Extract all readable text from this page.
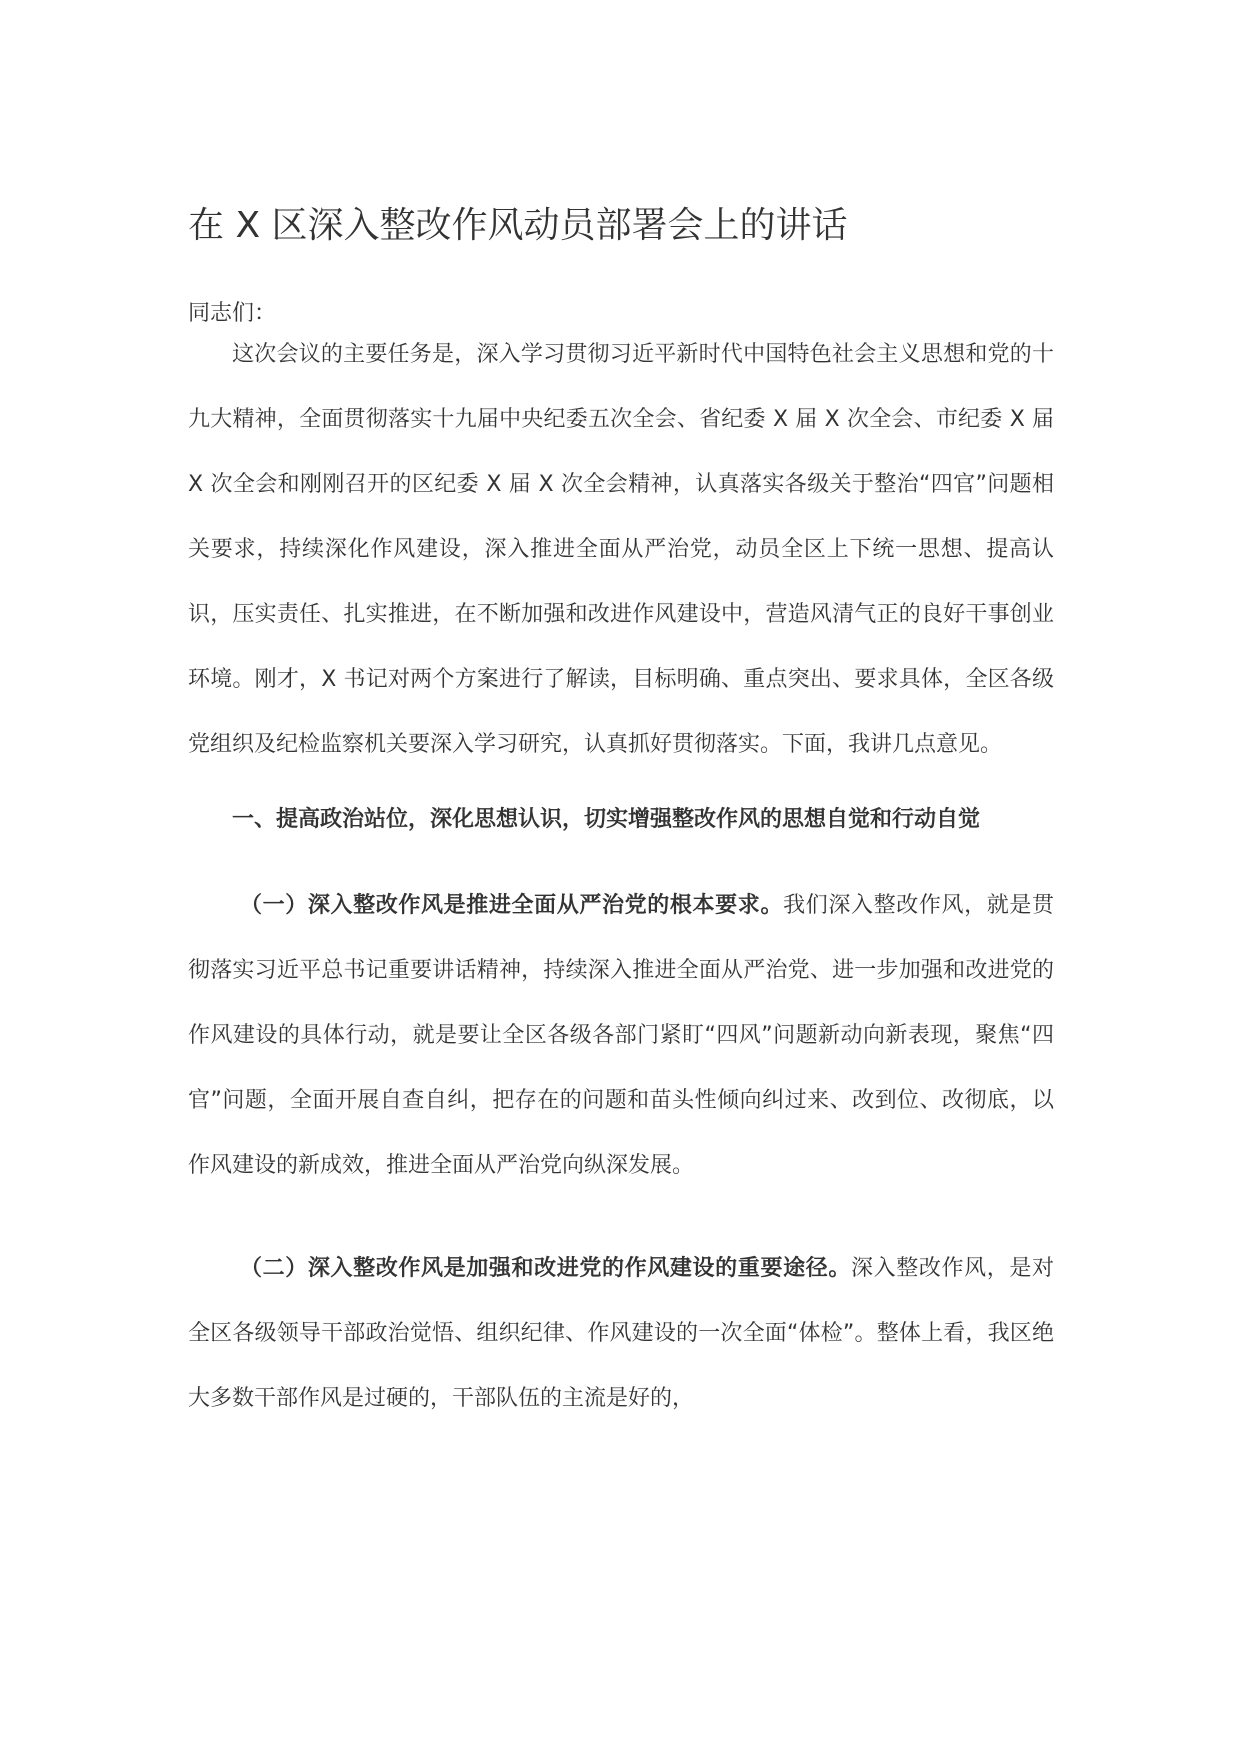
在 X 区深入整改作风动员部署会上的讲话

同志们：

这次会议的主要任务是，深入学习贯彻习近平新时代中国特色社会主义思想和党的十九大精神，全面贯彻落实十九届中央纪委五次全会、省纪委 X 届 X 次全会、市纪委 X 届 X 次全会和刚刚召开的区纪委 X 届 X 次全会精神，认真落实各级关于整治“四官”问题相关要求，持续深化作风建设，深入推进全面从严治党，动员全区上下统一思想、提高认识，压实责任、扎实推进，在不断加强和改进作风建设中，营造风清气正的良好干事创业环境。刚才，X 书记对两个方案进行了解读，目标明确、重点突出、要求具体，全区各级党组织及纪检监察机关要深入学习研究，认真抓好贯彻落实。下面，我讲几点意见。

一、提高政治站位，深化思想认识，切实增强整改作风的思想自觉和行动自觉

（一）深入整改作风是推进全面从严治党的根本要求。我们深入整改作风，就是贯彻落实习近平总书记重要讲话精神，持续深入推进全面从严治党、进一步加强和改进党的作风建设的具体行动，就是要让全区各级各部门紧盯“四风”问题新动向新表现，聚焦“四官”问题，全面开展自查自纠，把存在的问题和苗头性倾向纠过来、改到位、改彻底，以作风建设的新成效，推进全面从严治党向纵深发展。

（二）深入整改作风是加强和改进党的作风建设的重要途径。深入整改作风，是对全区各级领导干部政治觉悟、组织纪律、作风建设的一次全面“体检”。整体上看，我区绝大多数干部作风是过硬的，干部队伍的主流是好的，
